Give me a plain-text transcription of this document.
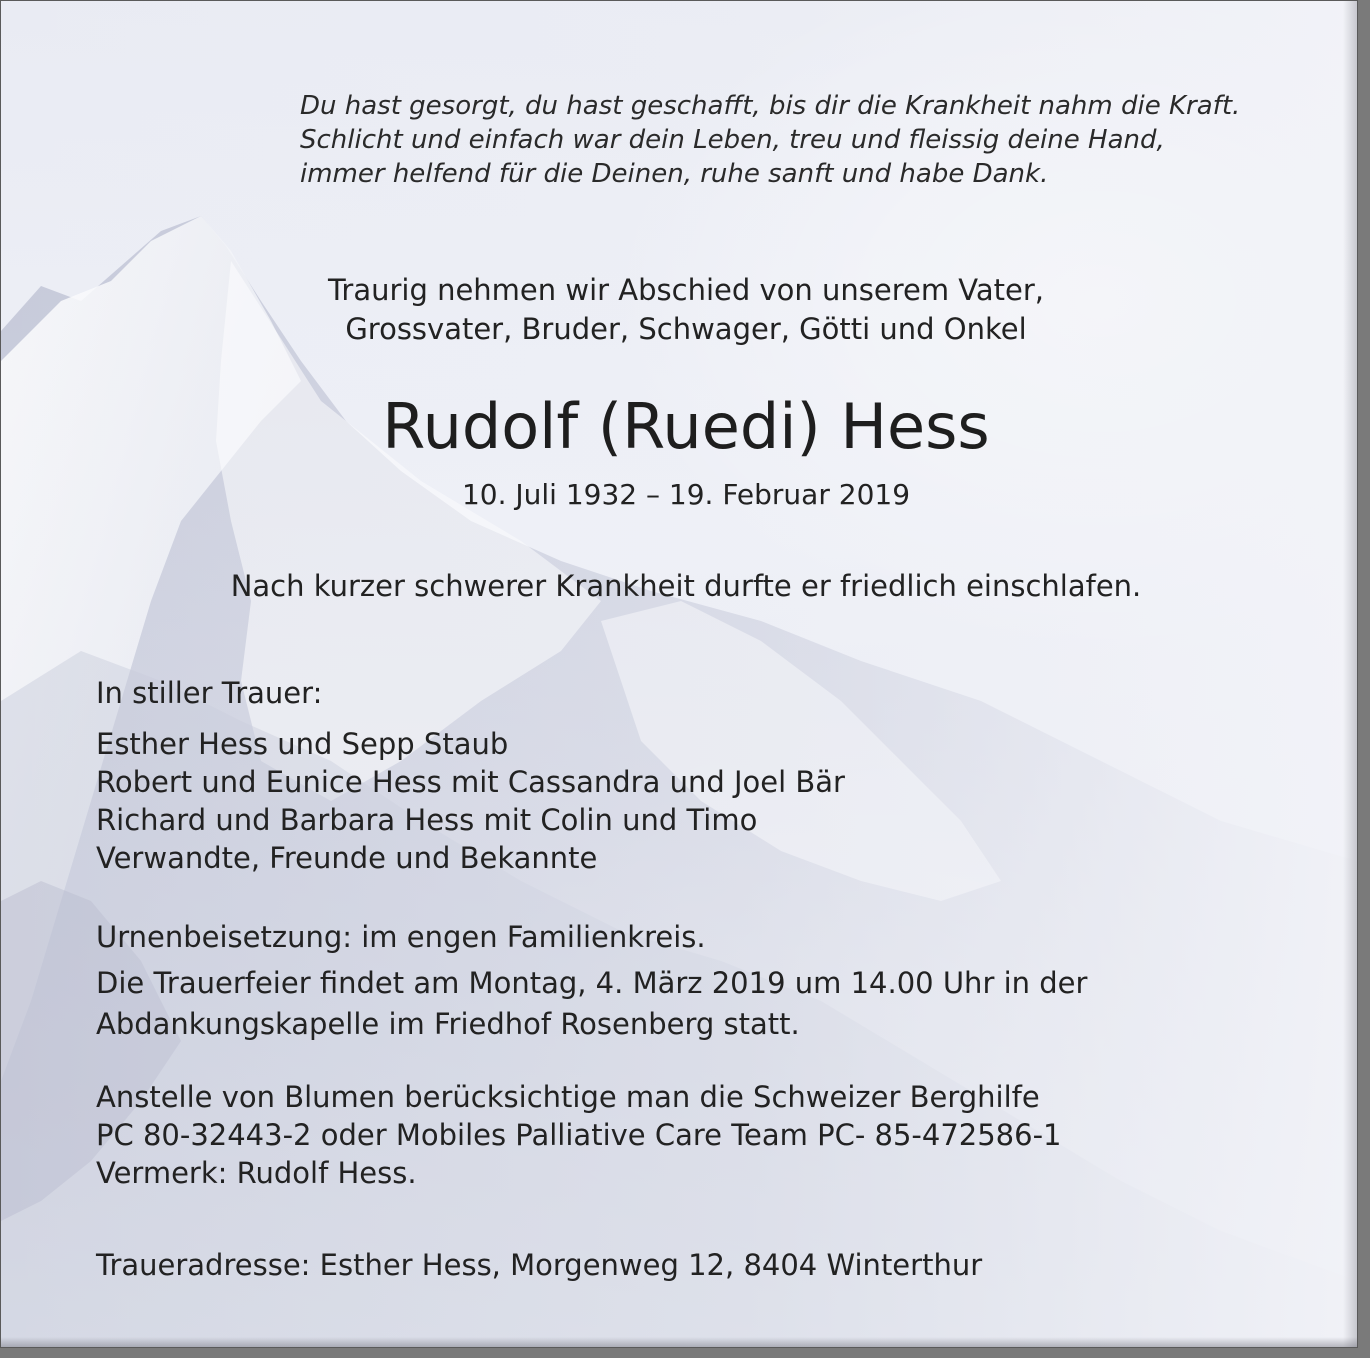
Du hast gesorgt, du hast geschafft, bis dir die Krankheit nahm die Kraft.
Schlicht und einfach war dein Leben, treu und fleissig deine Hand,
immer helfend für die Deinen, ruhe sanft und habe Dank.
Traurig nehmen wir Abschied von unserem Vater,
Grossvater, Bruder, Schwager, Götti und Onkel
Rudolf (Ruedi) Hess
10. Juli 1932 – 19. Februar 2019
Nach kurzer schwerer Krankheit durfte er friedlich einschlafen.
In stiller Trauer:
Esther Hess und Sepp Staub
Robert und Eunice Hess mit Cassandra und Joel Bär
Richard und Barbara Hess mit Colin und Timo
Verwandte, Freunde und Bekannte
Urnenbeisetzung: im engen Familienkreis.
Die Trauerfeier findet am Montag, 4. März 2019 um 14.00 Uhr in der
Abdankungskapelle im Friedhof Rosenberg statt.
Anstelle von Blumen berücksichtige man die Schweizer Berghilfe
PC 80-32443-2 oder Mobiles Palliative Care Team PC- 85-472586-1
Vermerk: Rudolf Hess.
Traueradresse: Esther Hess, Morgenweg 12, 8404 Winterthur
